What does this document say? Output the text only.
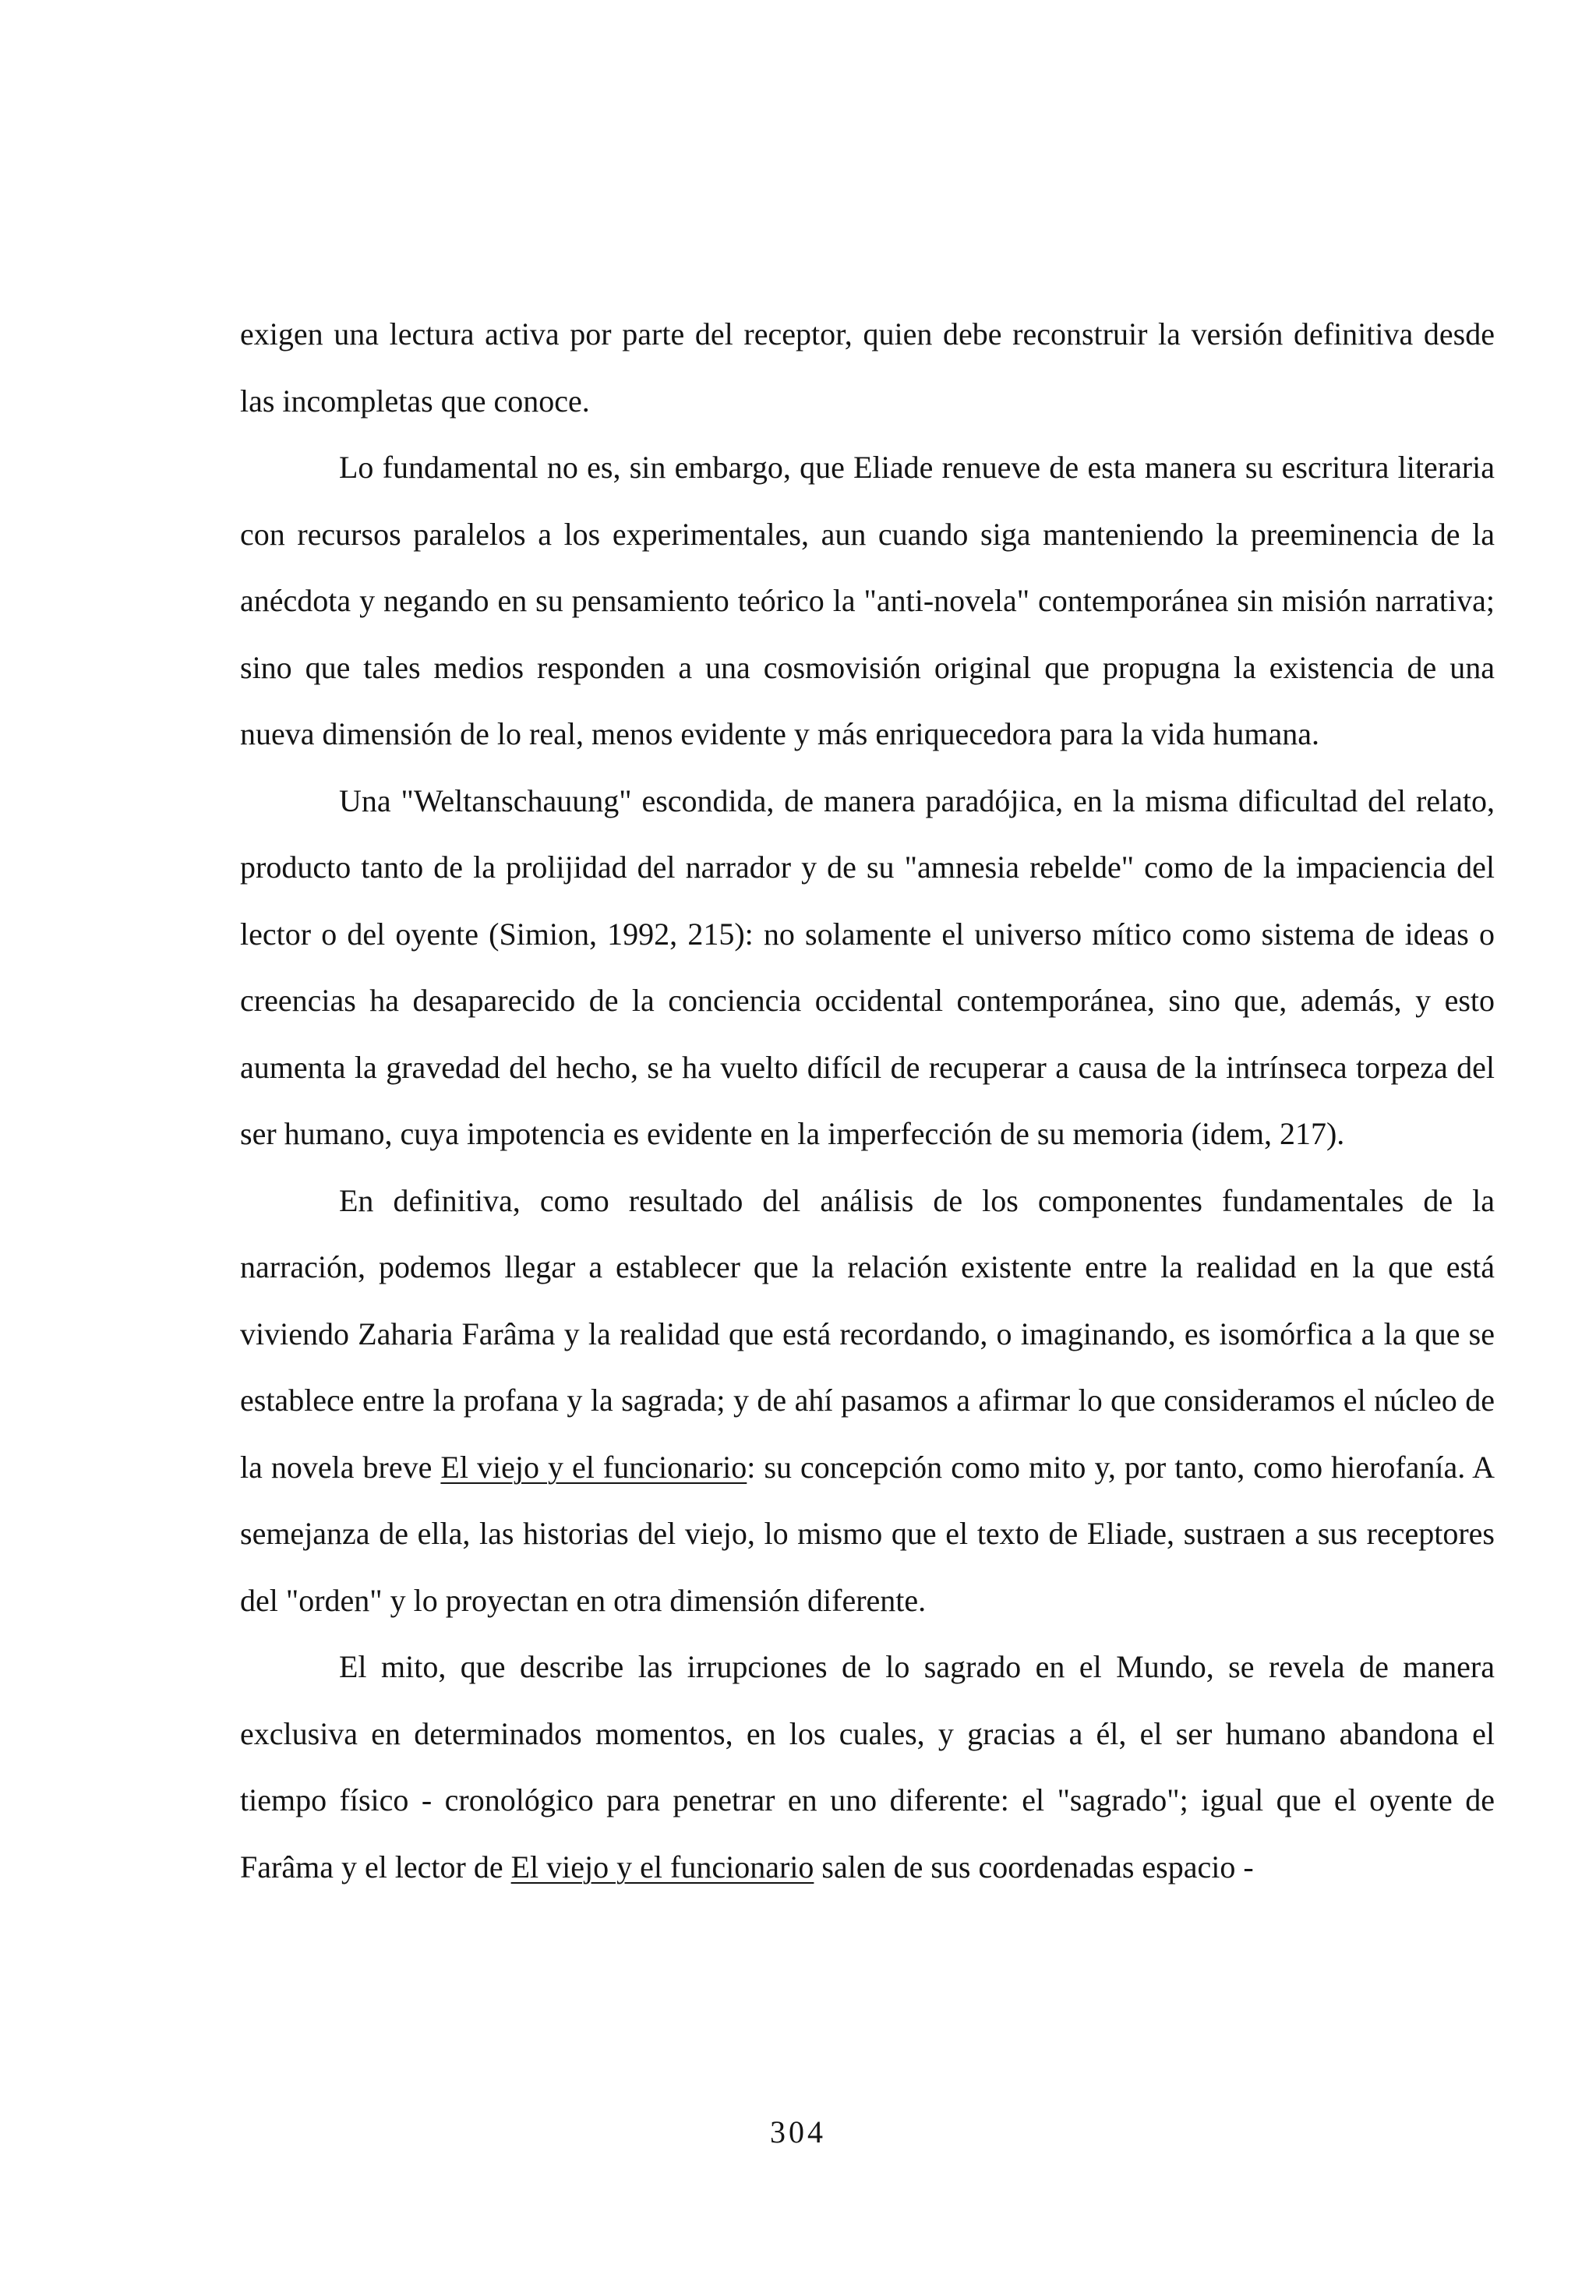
exigen una lectura activa por parte del receptor, quien debe reconstruir la versión definitiva desde las incompletas que conoce.

Lo fundamental no es, sin embargo, que Eliade renueve de esta manera su escritura literaria con recursos paralelos a los experimentales, aun cuando siga manteniendo la preeminencia de la anécdota y negando en su pensamiento teórico la "anti-novela" contemporánea sin misión narrativa; sino que tales medios responden a una cosmovisión original que propugna la existencia de una nueva dimensión de lo real, menos evidente y más enriquecedora para la vida humana.

Una "Weltanschauung" escondida, de manera paradójica, en la misma dificultad del relato, producto tanto de la prolijidad del narrador y de su "amnesia rebelde" como de la impaciencia del lector o del oyente (Simion, 1992, 215): no solamente el universo mítico como sistema de ideas o creencias ha desaparecido de la conciencia occidental contemporánea, sino que, además, y esto aumenta la gravedad del hecho, se ha vuelto difícil de recuperar a causa de la intrínseca torpeza del ser humano, cuya impotencia es evidente en la imperfección de su memoria (idem, 217).

En definitiva, como resultado del análisis de los componentes fundamentales de la narración, podemos llegar a establecer que la relación existente entre la realidad en la que está viviendo Zaharia Farâma y la realidad que está recordando, o imaginando, es isomórfica a la que se establece entre la profana y la sagrada; y de ahí pasamos a afirmar lo que consideramos el núcleo de la novela breve El viejo y el funcionario: su concepción como mito y, por tanto, como hierofanía. A semejanza de ella, las historias del viejo, lo mismo que el texto de Eliade, sustraen a sus receptores del "orden" y lo proyectan en otra dimensión diferente.

El mito, que describe las irrupciones de lo sagrado en el Mundo, se revela de manera exclusiva en determinados momentos, en los cuales, y gracias a él, el ser humano abandona el tiempo físico - cronológico para penetrar en uno diferente: el "sagrado"; igual que el oyente de Farâma y el lector de El viejo y el funcionario salen de sus coordenadas espacio -

304
